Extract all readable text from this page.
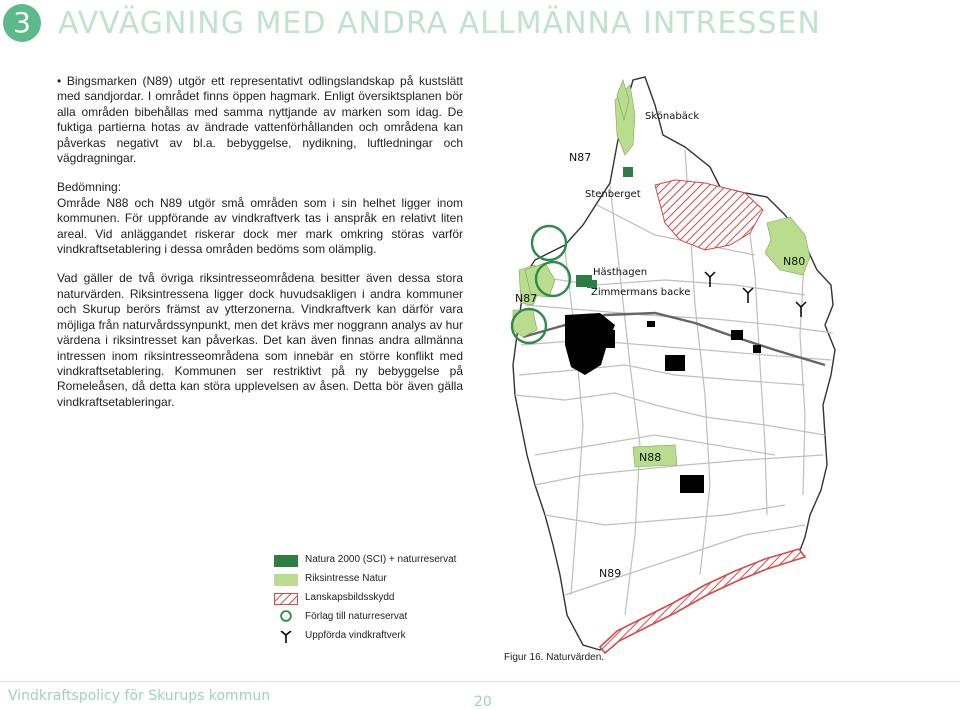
3 AVVÄGNING MED ANDRA ALLMÄNNA INTRESSEN

• Bingsmarken (N89) utgör ett representativt odlingslandskap på kustslätt med sandjordar. I området finns öppen hagmark. Enligt översiktsplanen bör alla områden bibehållas med samma nyttjande av marken som idag. De fuktiga partierna hotas av ändrade vattenförhållanden och områdena kan påverkas negativt av bl.a. bebyggelse, nydikning, luftledningar och vägdragningar.

Bedömning:
Område N88 och N89 utgör små områden som i sin helhet ligger inom kommunen. För uppförande av vindkraftverk tas i anspråk en relativt liten areal. Vid anläggandet riskerar dock mer mark omkring störas varför vindkraftsetablering i dessa områden bedöms som olämplig.

Vad gäller de två övriga riksintresseområdena besitter även dessa stora naturvärden. Riksintressena ligger dock huvudsakligen i andra kommuner och Skurup berörs främst av ytterzonerna. Vindkraftverk kan därför vara möjliga från naturvårdssynpunkt, men det krävs mer noggrann analys av hur värdena i riksintresset kan påverkas. Det kan även finnas andra allmänna intressen inom riksintresseområdena som innebär en större konflikt med vindkraftsetablering. Kommunen ser restriktivt på ny bebyggelse på Romeleåsen, då detta kan störa upplevelsen av åsen. Detta bör även gälla vindkraftsetableringar.

Skönabäck
N87
Stenberget
N80
Hästhagen
Zimmermans backe
N87
N88
N89
Natura 2000 (SCI) + naturreservat
Riksintresse Natur
Lanskapsbildsskydd
Förlag till naturreservat
Uppförda vindkraftverk
Figur 16. Naturvärden.
Vindkraftspolicy för Skurups kommun	20
